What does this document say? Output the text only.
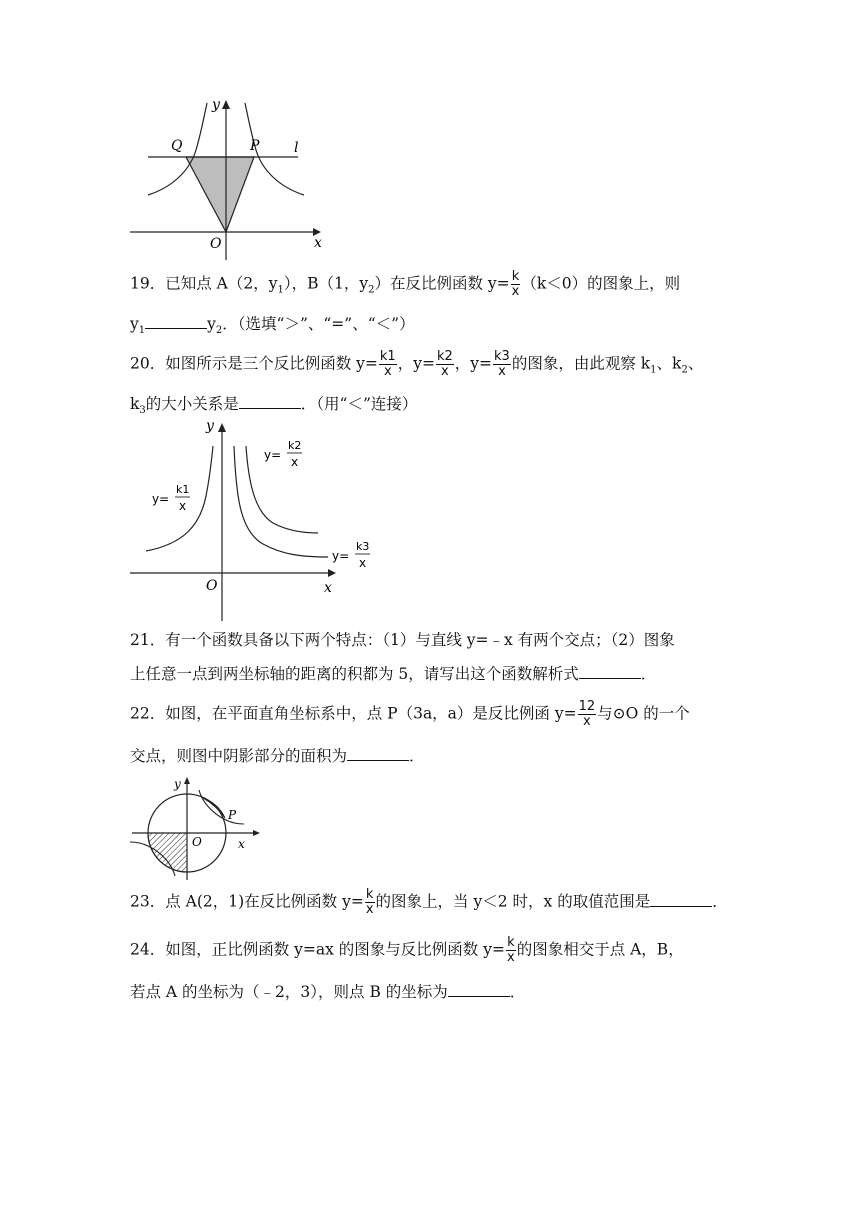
y
x
Q	P l
O
19．已知点 A（2，$y_1$），B（1，$y_2$）在反比例函数 $y= \frac{k}{x} (k<0)$的图象上，则
$y_1$	$y_2$．（选填“＞”、“=”、“＜”）
20．如图所示是三个反比例函数 $y= \frac{k1}{x}$ ，$y= \frac{k2}{x}$ ，$y= \frac{k3}{x}$ 的图象，由此观察 $k_1$、$k_2$、
$k_3$的大小关系是	．（用“＜”连接）
y
x
O
y=
k1
x
y=
k2
x
y=
k3
x
21．有一个函数具备以下两个特点：（1）与直线 y=﹣x 有两个交点；（2）图象
上任意一点到两坐标轴的距离的积都为 5，请写出这个函数解析式	．
22．如图，在平面直角坐标系中，点 P（3a，a）是反比例函 $y= \frac{12}{x}$ 与⊙O 的一个
交点，则图中阴影部分的面积为	．
y
x
O
P
23．点 A(2，1)在反比例函数 $y= \frac{k}{x}$ 的图象上，当 y＜2 时，x 的取值范围是	．
24．如图，正比例函数 y=ax 的图象与反比例函数 $y= \frac{k}{x}$ 的图象相交于点 A，B，
若点 A 的坐标为（﹣2，3），则点 B 的坐标为	．
